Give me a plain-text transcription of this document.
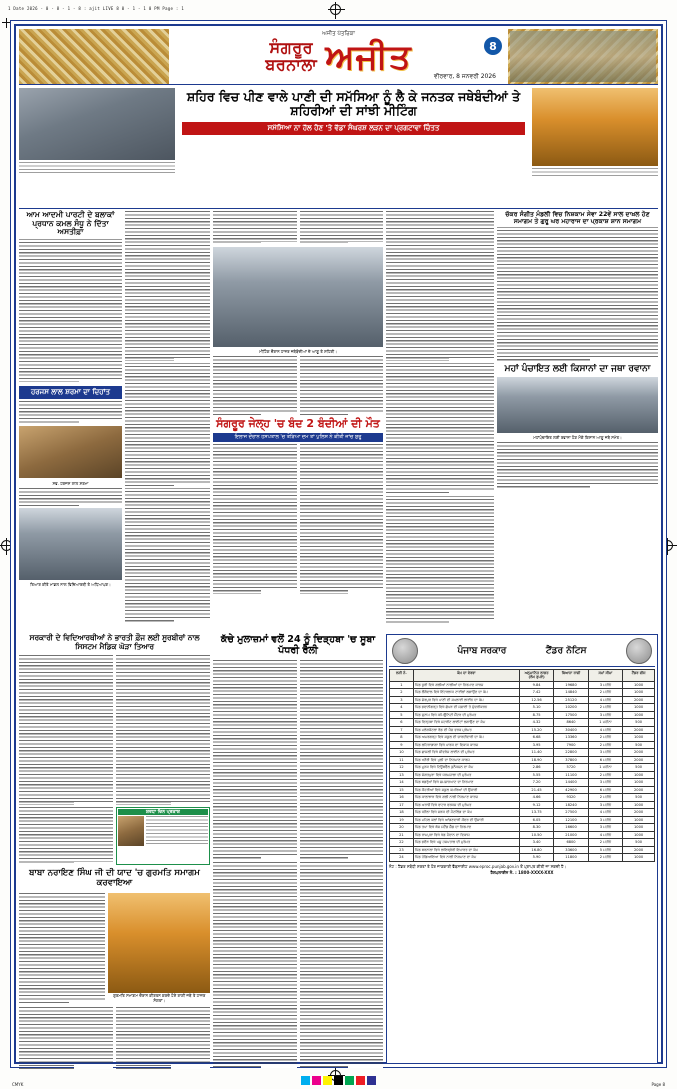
1 Date 2026 - 0 - 8 - 1 - 8 : ajit LIVE 8 0 - 1 - 1 0 PM Page : 1
ਅਜੀਤ ਪੱਤਰਿਕਾ
ਸੰਗਰੂਰ
ਬਰਨਾਲਾ ਅਜੀਤ	ਵੀਰਵਾਰ, 8 ਜਨਵਰੀ 2026
8
ਸ਼ਹਿਰ ਵਿਚ ਪੀਣ ਵਾਲੇ ਪਾਣੀ ਦੀ ਸਮੱਸਿਆ ਨੂੰ ਲੈ ਕੇ ਜਨਤਕ ਜਥੇਬੰਦੀਆਂ ਤੇ ਸ਼ਹਿਰੀਆਂ ਦੀ ਸਾਂਝੀ ਮੀਟਿੰਗ
ਸਮੱਸਿਆ ਨਾ ਹੱਲ ਹੋਣ 'ਤੇ ਵੱਡਾ ਸੰਘਰਸ਼ ਲੜਨ ਦਾ ਪ੍ਰਗਟਾਵਾ ਚਿੰਤਤ
ਆਮ ਆਦਮੀ ਪਾਰਟੀ ਦੇ ਬਲਾਕਾਂ ਪ੍ਰਧਾਨ ਕਮਲ ਸੰਧੂ ਨੇ ਦਿੱਤਾ ਅਸਤੀਫ਼ਾ
ਹਰਜਸ ਲਾਲ ਸ਼ਰਮਾ ਦਾ ਦਿਹਾਂਤ
ਸਵ. ਹਰਜਸ ਲਾਲ ਸ਼ਰਮਾ
ਤਿਆਰ ਕੀਤੇ ਮਾਡਲ ਨਾਲ ਵਿਦਿਆਰਥੀ ਤੇ ਅਧਿਆਪਕ।
ਮੀਟਿੰਗ ਦੌਰਾਨ ਹਾਜ਼ਰ ਜਥੇਬੰਦੀਆਂ ਦੇ ਆਗੂ ਤੇ ਸ਼ਹਿਰੀ।
ਸੰਗਰੂਰ ਜੇਲ੍ਹ 'ਚ ਬੰਦ 2 ਬੰਦੀਆਂ ਦੀ ਮੌਤ
ਇਲਾਜ ਦੌਰਾਨ ਹਸਪਤਾਲ 'ਚ ਤੋੜਿਆ ਦਮ ਤਾਂ ਪੁਲਿਸ ਨੇ ਕੀਤੀ ਜਾਂਚ ਸ਼ੁਰੂ
ਚੱਕਰ ਸੰਗੀਤ ਮੰਡਲੀ ਵਿਚ ਨਿਸ਼ਕਾਮ ਸੇਵਾ 22ਵੇਂ ਸਾਲ ਦਾਖ਼ਲ ਹੋਣ ਸਮਾਗਮ ਤੇ ਗੁਰੂ ਘਰ ਮਹਾਰਾਜ ਦਾ ਪ੍ਰਕਾਸ਼ ਸ਼ਾਨ ਸਮਾਗਮ
ਮਹਾਂ ਪੰਚਾਇਤ ਲਈ ਕਿਸਾਨਾਂ ਦਾ ਜਥਾ ਰਵਾਨਾ
ਮਹਾਂਪੰਚਾਇਤ ਲਈ ਰਵਾਨਾ ਹੋਣ ਮੌਕੇ ਕਿਸਾਨ ਆਗੂ ਜਥੇ ਸਮੇਤ।
ਸਰਕਾਰੀ ਦੇ ਵਿਦਿਆਰਥੀਆਂ ਨੇ ਭਾਰਤੀ ਫ਼ੌਜ ਲਈ ਸੂਰਬੀਰਾਂ ਨਾਲ ਸਿਸਟਮ ਮੈਡਿਕ ਘੋੜਾ ਤਿਆਰ
ਸ਼ਰਧਾ ਦਿਨ ਪ੍ਰਕਾਸ਼
ਬਾਬਾ ਨਰਾਇਣ ਸਿੰਘ ਜੀ ਦੀ ਯਾਦ 'ਚ ਗੁਰਮਤਿ ਸਮਾਗਮ ਕਰਵਾਇਆ
ਗੁਰਮਤਿ ਸਮਾਗਮ ਦੌਰਾਨ ਕੀਰਤਨ ਕਰਦੇ ਹੋਏ ਰਾਗੀ ਜਥੇ ਤੇ ਹਾਜ਼ਰ ਸੰਗਤਾਂ।
ਕੱਚੇ ਮੁਲਾਜ਼ਮਾਂ ਵਲੋਂ 24 ਨੂੰ ਦਿੜ੍ਹਬਾ 'ਚ ਸੂਬਾ ਪੱਧਰੀ ਰੈਲੀ	ਪੰਜਾਬ ਸਰਕਾਰ	ਟੈਂਡਰ ਨੋਟਿਸ
ਲੜੀ ਨੰ.	ਕੰਮ ਦਾ ਵੇਰਵਾ	ਅਨੁਮਾਨਿਤ ਲਾਗਤ (ਲੱਖ ਰੁਪਏ)	ਬਿਆਨਾ ਰਾਸ਼ੀ	ਸਮਾਂ ਸੀਮਾ	ਟੈਂਡਰ ਫੀਸ
1	ਪਿੰਡ ਧੂਰੀ ਵਿਖੇ ਗਲੀਆਂ ਨਾਲੀਆਂ ਦਾ ਨਿਰਮਾਣ ਕਾਰਜ	9.84	19680	3 ਮਹੀਨੇ	1000
2	ਪਿੰਡ ਲੌਂਗੋਵਾਲ ਵਿਖੇ ਇੰਟਰਲਾਕ ਟਾਈਲਾਂ ਲਗਾਉਣ ਦਾ ਕੰਮ	7.42	14840	2 ਮਹੀਨੇ	1000
3	ਪਿੰਡ ਸ਼ੇਰਪੁਰ ਵਿਖੇ ਪਾਣੀ ਦੀ ਸਪਲਾਈ ਲਾਈਨ ਦਾ ਕੰਮ	12.56	25120	4 ਮਹੀਨੇ	2000
4	ਪਿੰਡ ਭਵਾਨੀਗੜ੍ਹ ਵਿਖੇ ਛੱਪੜ ਦੀ ਸਫ਼ਾਈ ਤੇ ਸੁੰਦਰੀਕਰਨ	5.10	10200	2 ਮਹੀਨੇ	1000
5	ਪਿੰਡ ਸੁਨਾਮ ਵਿਖੇ ਕਮਿਊਨਿਟੀ ਸੈਂਟਰ ਦੀ ਮੁਰੰਮਤ	8.75	17500	3 ਮਹੀਨੇ	1000
6	ਪਿੰਡ ਦਿੜ੍ਹਬਾ ਵਿਖੇ ਸਟਰੀਟ ਲਾਈਟਾਂ ਲਗਾਉਣ ਦਾ ਕੰਮ	4.32	8640	1 ਮਹੀਨਾ	500
7	ਪਿੰਡ ਮਲੇਰਕੋਟਲਾ ਰੋਡ ਦੀ ਪੈਚ ਵਰਕ ਮੁਰੰਮਤ	15.20	30400	4 ਮਹੀਨੇ	2000
8	ਪਿੰਡ ਅਮਰਗੜ੍ਹ ਵਿਖੇ ਸਕੂਲ ਦੀ ਚਾਰਦੀਵਾਰੀ ਦਾ ਕੰਮ	6.68	13360	2 ਮਹੀਨੇ	1000
9	ਪਿੰਡ ਲਹਿਰਾਗਾਗਾ ਵਿਖੇ ਪਾਰਕ ਦਾ ਵਿਕਾਸ ਕਾਰਜ	3.95	7900	2 ਮਹੀਨੇ	500
10	ਪਿੰਡ ਛਾਜਲੀ ਵਿਖੇ ਸੀਵਰੇਜ ਲਾਈਨ ਦੀ ਮੁਰੰਮਤ	11.40	22800	3 ਮਹੀਨੇ	2000
11	ਪਿੰਡ ਖਨੌਰੀ ਵਿਖੇ ਪੁਲੀ ਦਾ ਨਿਰਮਾਣ ਕਾਰਜ	18.90	37800	6 ਮਹੀਨੇ	2000
12	ਪਿੰਡ ਮੂਨਕ ਵਿਖੇ ਟਿਊਬਵੈੱਲ ਕੁਨੈਕਸ਼ਨ ਦਾ ਕੰਮ	2.86	5720	1 ਮਹੀਨਾ	500
13	ਪਿੰਡ ਸੰਗਤਪੁਰਾ ਵਿਖੇ ਧਰਮਸ਼ਾਲਾ ਦੀ ਮੁਰੰਮਤ	5.55	11100	2 ਮਹੀਨੇ	1000
14	ਪਿੰਡ ਬਡਰੁੱਖਾਂ ਵਿਖੇ ਸ਼ਮਸ਼ਾਨਘਾਟ ਦਾ ਨਿਰਮਾਣ	7.20	14400	3 ਮਹੀਨੇ	1000
15	ਪਿੰਡ ਕੌਹਰੀਆਂ ਵਿਖੇ ਸਕੂਲ ਕਮਰਿਆਂ ਦੀ ਉਸਾਰੀ	21.45	42900	6 ਮਹੀਨੇ	2000
16	ਪਿੰਡ ਕਾਲਾਝਾੜ ਵਿਖੇ ਗਲੀ ਨਾਲੀ ਨਿਰਮਾਣ ਕਾਰਜ	4.66	9320	2 ਮਹੀਨੇ	500
17	ਪਿੰਡ ਘਰਾਚੋਂ ਵਿਖੇ ਵਾਟਰ ਵਰਕਸ ਦੀ ਮੁਰੰਮਤ	9.12	18240	3 ਮਹੀਨੇ	1000
18	ਪਿੰਡ ਧਨੌਲਾ ਵਿਖੇ ਸੜਕ ਦੀ ਮੈਟਲਿੰਗ ਦਾ ਕੰਮ	13.75	27500	4 ਮਹੀਨੇ	2000
19	ਪਿੰਡ ਮਹਿਲ ਕਲਾਂ ਵਿਖੇ ਆਂਗਣਵਾੜੀ ਕੇਂਦਰ ਦੀ ਉਸਾਰੀ	6.05	12100	3 ਮਹੀਨੇ	1000
20	ਪਿੰਡ ਤਪਾ ਵਿਖੇ ਬੱਸ ਸਟੈਂਡ ਸ਼ੈੱਡ ਦਾ ਨਿਰਮਾਣ	8.30	16600	3 ਮਹੀਨੇ	1000
21	ਪਿੰਡ ਰਾਮਪੁਰਾ ਵਿਖੇ ਖੇਡ ਮੈਦਾਨ ਦਾ ਵਿਕਾਸ	10.50	21000	4 ਮਹੀਨੇ	1000
22	ਪਿੰਡ ਭਦੌੜ ਵਿਖੇ ਪਸ਼ੂ ਹਸਪਤਾਲ ਦੀ ਮੁਰੰਮਤ	3.40	6800	2 ਮਹੀਨੇ	500
23	ਪਿੰਡ ਬਰਨਾਲਾ ਵਿਖੇ ਲਾਇਬ੍ਰੇਰੀ ਇਮਾਰਤ ਦਾ ਕੰਮ	16.80	33600	5 ਮਹੀਨੇ	2000
24	ਪਿੰਡ ਹੰਡਿਆਇਆ ਵਿਖੇ ਨਾਲੀ ਨਿਰਮਾਣ ਦਾ ਕੰਮ	5.90	11800	2 ਮਹੀਨੇ	1000
ਨੋਟ : ਟੈਂਡਰ ਸਬੰਧੀ ਸ਼ਰਤਾਂ ਤੇ ਹੋਰ ਜਾਣਕਾਰੀ ਵੈੱਬਸਾਈਟ www.eproc.punjab.gov.in ਤੋਂ ਪ੍ਰਾਪਤ ਕੀਤੀ ਜਾ ਸਕਦੀ ਹੈ।
ਹੈਲਪਲਾਈਨ ਨੰ. : 1800-XXXX-XXX
CMYK	Page 8
